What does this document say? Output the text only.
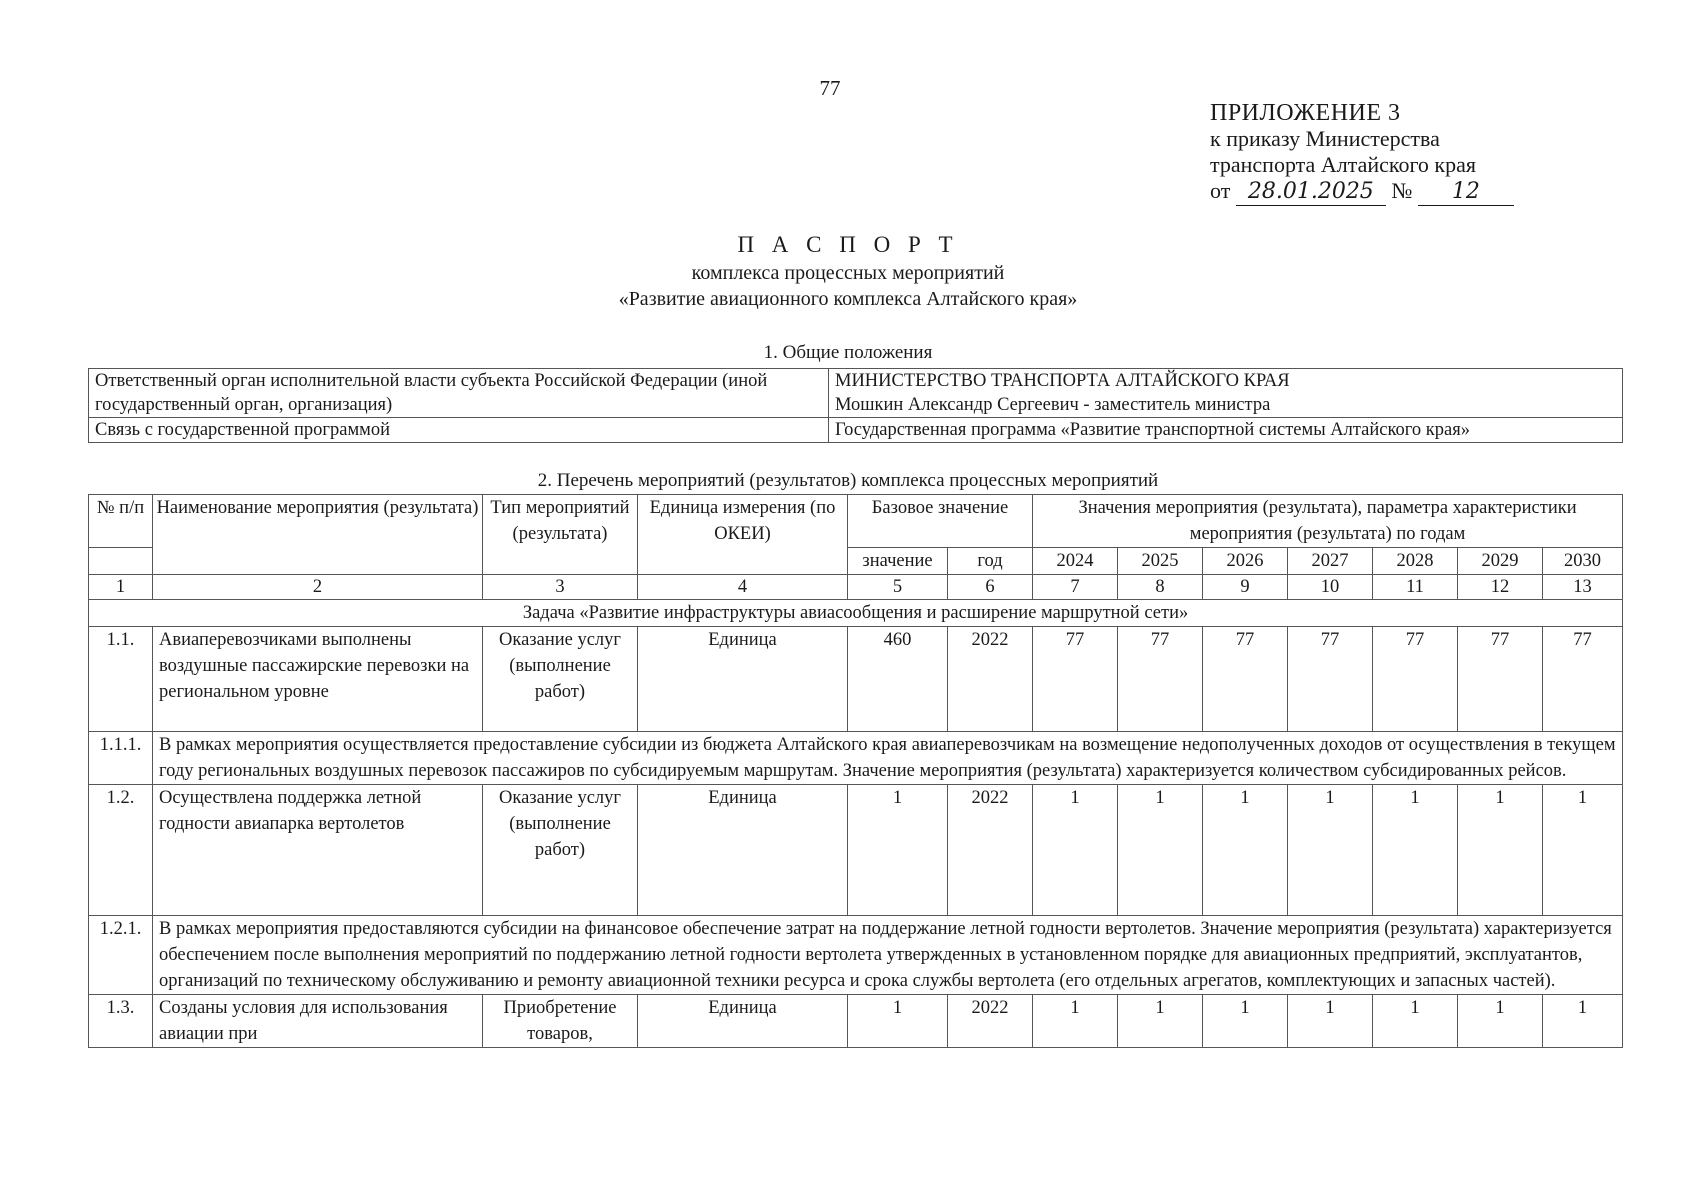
77
ПРИЛОЖЕНИЕ 3
к приказу Министерства
транспорта Алтайского края
от 28.01.2025 № 12
П А С П О Р Т
комплекса процессных мероприятий
«Развитие авиационного комплекса Алтайского края»
1. Общие положения
Ответственный орган исполнительной власти субъекта Российской Федерации (иной государственный орган, организация)	МИНИСТЕРСТВО ТРАНСПОРТА АЛТАЙСКОГО КРАЯ
Мошкин Александр Сергеевич - заместитель министра

Связь с государственной программой	Государственная программа «Развитие транспортной системы Алтайского края»
2. Перечень мероприятий (результатов) комплекса процессных мероприятий
№ п/п	Наименование мероприятия (результата)	Тип мероприятий (результата)	Единица измерения (по ОКЕИ)	Базовое значение		Значения мероприятия (результата), параметра характеристики мероприятия (результата) по годам						

				значение	год	2024	2025	2026	2027	2028	2029	2030
1	2	3	4	5	6	7	8	9	10	11	12	13
Задача «Развитие инфраструктуры авиасообщения и расширение маршрутной сети»												
1.1.	Авиаперевозчиками выполнены воздушные пассажирские перевозки на региональном уровне	Оказание услуг (выполнение работ)	Единица	460	2022	77	77	77	77	77	77	77
1.1.1.	В рамках мероприятия осуществляется предоставление субсидии из бюджета Алтайского края авиаперевозчикам на возмещение недополученных доходов от осуществления в текущем году региональных воздушных перевозок пассажиров по субсидируемым маршрутам. Значение мероприятия (результата) характеризуется количеством субсидированных рейсов.											
1.2.	Осуществлена поддержка летной годности авиапарка вертолетов	Оказание услуг (выполнение работ)	Единица	1	2022	1	1	1	1	1	1	1
1.2.1.	В рамках мероприятия предоставляются субсидии на финансовое обеспечение затрат на поддержание летной годности вертолетов. Значение мероприятия (результата) характеризуется обеспечением после выполнения мероприятий по поддержанию летной годности вертолета утвержденных в установленном порядке для авиационных предприятий, эксплуатантов, организаций по техническому обслуживанию и ремонту авиационной техники ресурса и срока службы вертолета (его отдельных агрегатов, комплектующих и запасных частей).											
1.3.	Созданы условия для использования авиации при	Приобретение товаров,	Единица	1	2022	1	1	1	1	1	1	1
